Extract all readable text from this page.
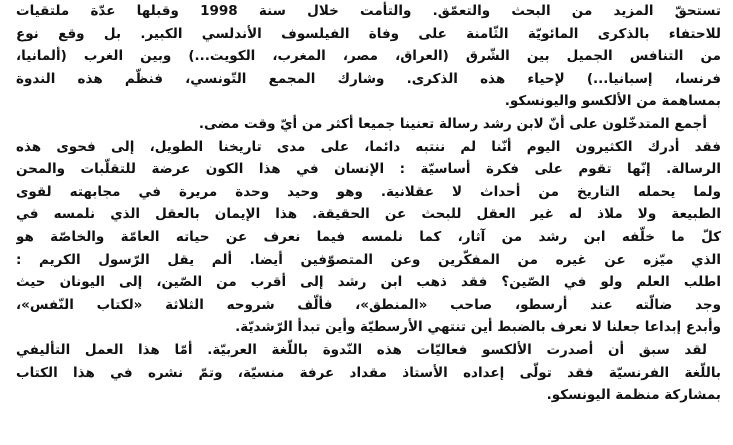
تستحقّ المزيد من البحث والتعمّق. والتأمت خلال سنة 1998 وقبلها عدّة ملتقيات
للاحتفاء بالذكرى المائويّة الثّامنة على وفاة الفيلسوف الأندلسي الكبير. بل وقع نوع
من التنافس الجميل بين الشّرق (العراق، مصر، المغرب، الكويت...) وبين الغرب (ألمانيا،
فرنسا، إسبانيا...) لإحياء هذه الذكرى. وشارك المجمع التّونسي، فنظّم هذه الندوة
بمساهمة من الألكسو واليونسكو.

أجمع المتدخّلون على أنّ لابن رشد رسالة تعنينا جميعا أكثر من أيّ وقت مضى.
فقد أدرك الكثيرون اليوم أنّنا لم ننتبه دائما، على مدى تاريخنا الطويل، إلى فحوى هذه
الرسالة. إنّها تقوم على فكرة أساسيّة : الإنسان في هذا الكون عرضة للتقلّبات والمحن
ولما يحمله التاريخ من أحداث لا عقلانية. وهو وحيد وحدة مريرة في مجابهته لقوى
الطبيعة ولا ملاذ له غير العقل للبحث عن الحقيقة. هذا الإيمان بالعقل الذي نلمسه في
كلّ ما خلّفه ابن رشد من آثار، كما نلمسه فيما نعرف عن حياته العامّة والخاصّة هو
الذي ميّزه عن غيره من المفكّرين وعن المتصوّفين أيضا. ألم يقل الرّسول الكريم :
اطلب العلم ولو في الصّين؟ فقد ذهب ابن رشد إلى أقرب من الصّين، إلى اليونان حيث
وجد ضالّته عند أرسطو، صاحب «المنطق»، فألّف شروحه الثلاثة «لكتاب النّفس»،
وأبدع إبداعا جعلنا لا نعرف بالضبط أين تنتهي الأرسطيّة وأين تبدأ الرّشديّة.

لقد سبق أن أصدرت الألكسو فعاليّات هذه النّدوة باللّغة العربيّة. أمّا هذا العمل التأليفي
باللّغة الفرنسيّة فقد تولّى إعداده الأستاذ مقداد عرفة منسيّة، وتمّ نشره في هذا الكتاب
بمشاركة منظمة اليونسكو.
